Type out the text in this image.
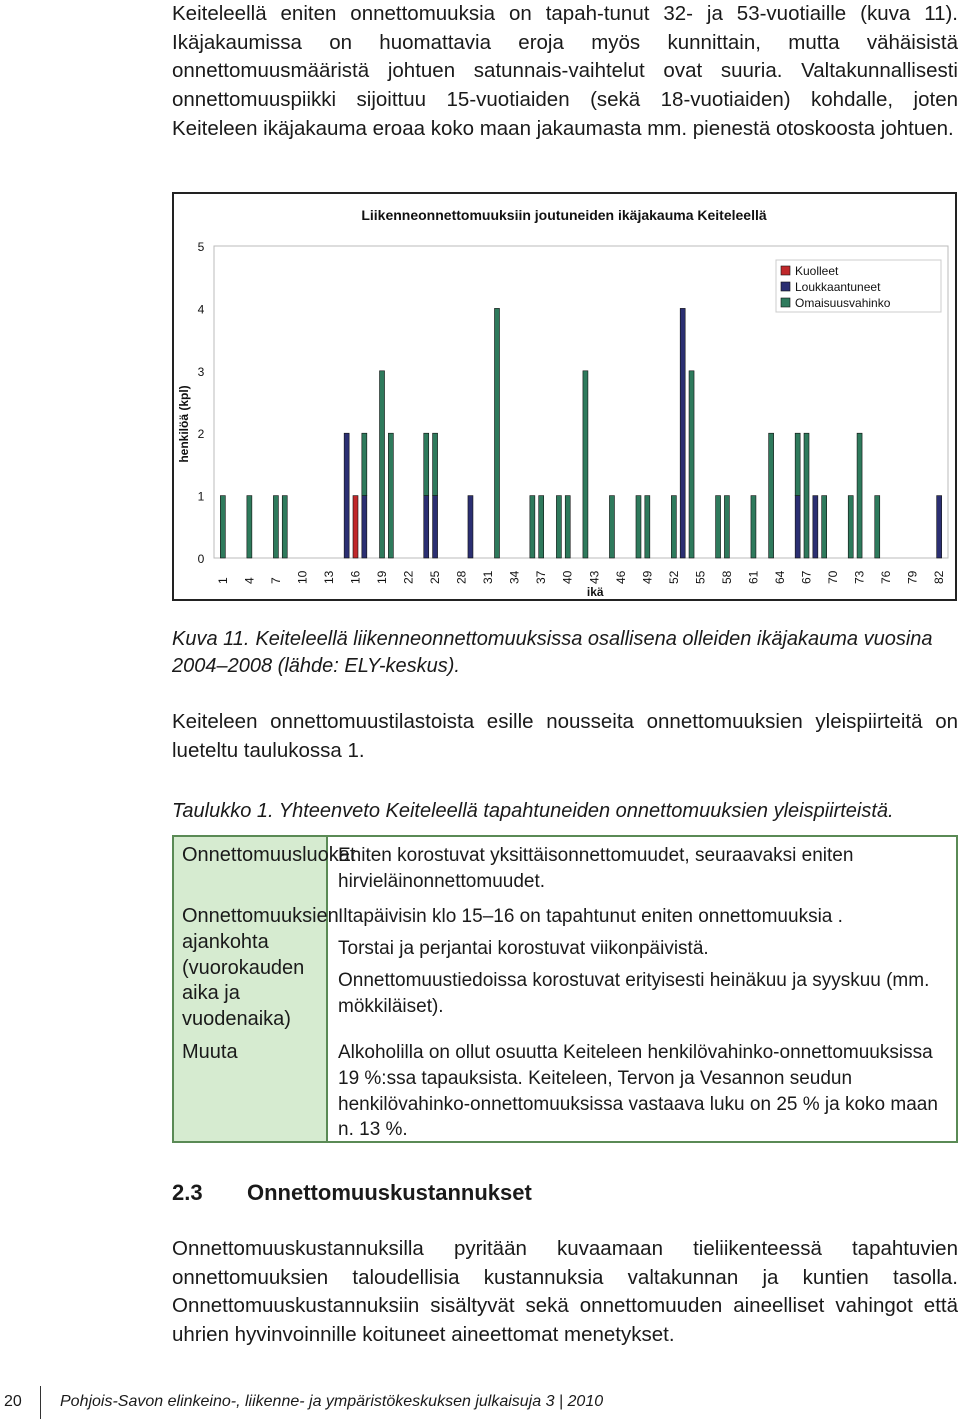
Keiteleellä eniten onnettomuuksia on tapah-tunut 32- ja 53-vuotiaille (kuva 11). Ikäjakaumissa on huomattavia eroja myös kunnittain, mutta vähäisistä onnettomuusmääristä johtuen satunnais-vaihtelut ovat suuria. Valtakunnallisesti onnettomuuspiikki sijoittuu 15-vuotiaiden (sekä 18-vuotiaiden) kohdalle, joten Keiteleen ikäjakauma eroaa koko maan jakaumasta mm. pienestä otoskoosta johtuen.

Liikenneonnettomuuksiin joutuneiden ikäjakauma Keiteleellä
0
1
2
3
4
5
henkilöä (kpl)
1 4 7 10 13 16 19 22 25 28 31 34 37 40 43 46 49 52 55 58 61 64 67 70 73 76 79 82
ikä
Kuolleet
Loukkaantuneet
Omaisuusvahinko

Kuva 11. Keiteleellä liikenneonnettomuuksissa osallisena olleiden ikäjakauma vuosina 2004–2008 (lähde: ELY-keskus).

Keiteleen onnettomuustilastoista esille nousseita onnettomuuksien yleispiirteitä on lueteltu taulukossa 1.

Taulukko 1. Yhteenveto Keiteleellä tapahtuneiden onnettomuuksien yleispiirteistä.

Onnettomuusluokat
Eniten korostuvat yksittäisonnettomuudet, seuraavaksi eniten hirvieläinonnettomuudet.
Onnettomuuksien ajankohta (vuorokauden aika ja vuodenaika)
Iltapäivisin klo 15–16 on tapahtunut eniten onnettomuuksia .
Torstai ja perjantai korostuvat viikonpäivistä.
Onnettomuustiedoissa korostuvat erityisesti heinäkuu ja syyskuu (mm. mökkiläiset).
Muuta	Alkoholilla on ollut osuutta Keiteleen henkilövahinko-onnettomuuksissa 19 %:ssa tapauksista. Keiteleen, Tervon ja Vesannon seudun henkilövahinko-onnettomuuksissa vastaava luku on 25 % ja koko maan n. 13 %.
2.3 Onnettomuuskustannukset

Onnettomuuskustannuksilla pyritään kuvaamaan tieliikenteessä tapahtuvien onnettomuuksien taloudellisia kustannuksia valtakunnan ja kuntien tasolla. Onnettomuuskustannuksiin sisältyvät sekä onnettomuuden aineelliset vahingot että uhrien hyvinvoinnille koituneet aineettomat menetykset.

20 Pohjois-Savon elinkeino-, liikenne- ja ympäristökeskuksen julkaisuja 3 | 2010
